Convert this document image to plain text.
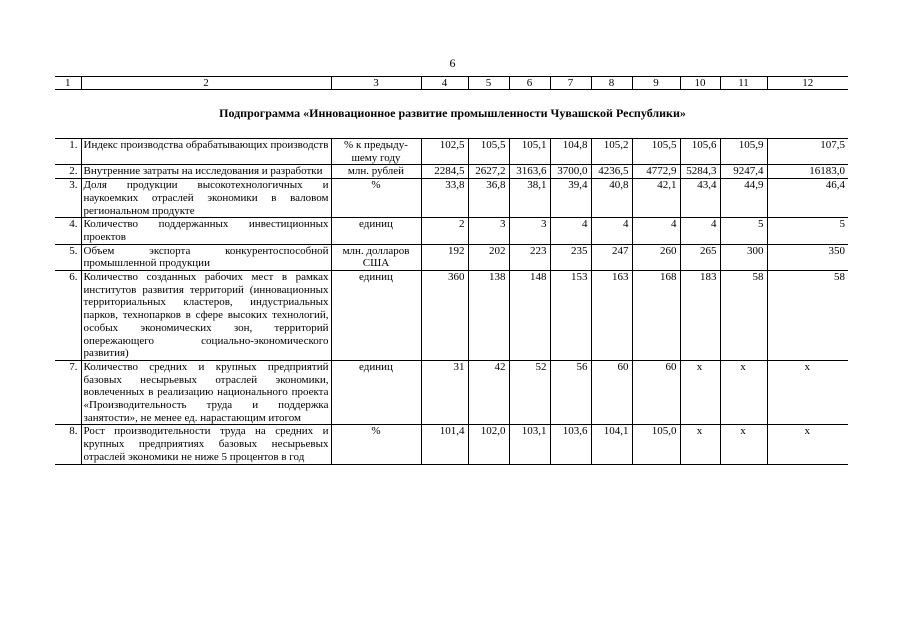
6
1	2	3	4	5	6	7	8	9	10	11	12
Подпрограмма «Инновационное развитие промышленности Чувашской Республики»
1.	Индекс производства обрабатывающих производств	% к предыду-шему году	102,5	105,5	105,1	104,8	105,2	105,5	105,6	105,9	107,5
2.	Внутренние затраты на исследования и разработки	млн. рублей	2284,5	2627,2	3163,6	3700,0	4236,5	4772,9	5284,3	9247,4	16183,0
3.	Доля продукции высокотехнологичных и наукоемких отраслей экономики в валовом региональном продукте	%	33,8	36,8	38,1	39,4	40,8	42,1	43,4	44,9	46,4
4.	Количество поддержанных инвестиционных проектов	единиц	2	3	3	4	4	4	4	5	5
5.	Объем экспорта конкурентоспособной промышленной продукции	млн. долларов США	192	202	223	235	247	260	265	300	350
6.	Количество созданных рабочих мест в рамках институтов развития территорий (инновационных территориальных кластеров, индустриальных парков, технопарков в сфере высоких технологий, особых экономических зон, территорий опережающего социально-экономического развития)	единиц	360	138	148	153	163	168	183	58	58
7.	Количество средних и крупных предприятий базовых несырьевых отраслей экономики, вовлеченных в реализацию национального проекта «Производительность труда и поддержка занятости», не менее ед. нарастающим итогом	единиц	31	42	52	56	60	60	x	x	x
8.	Рост производительности труда на средних и крупных предприятиях базовых несырьевых отраслей экономики не ниже 5 процентов в год	%	101,4	102,0	103,1	103,6	104,1	105,0	x	x	x
